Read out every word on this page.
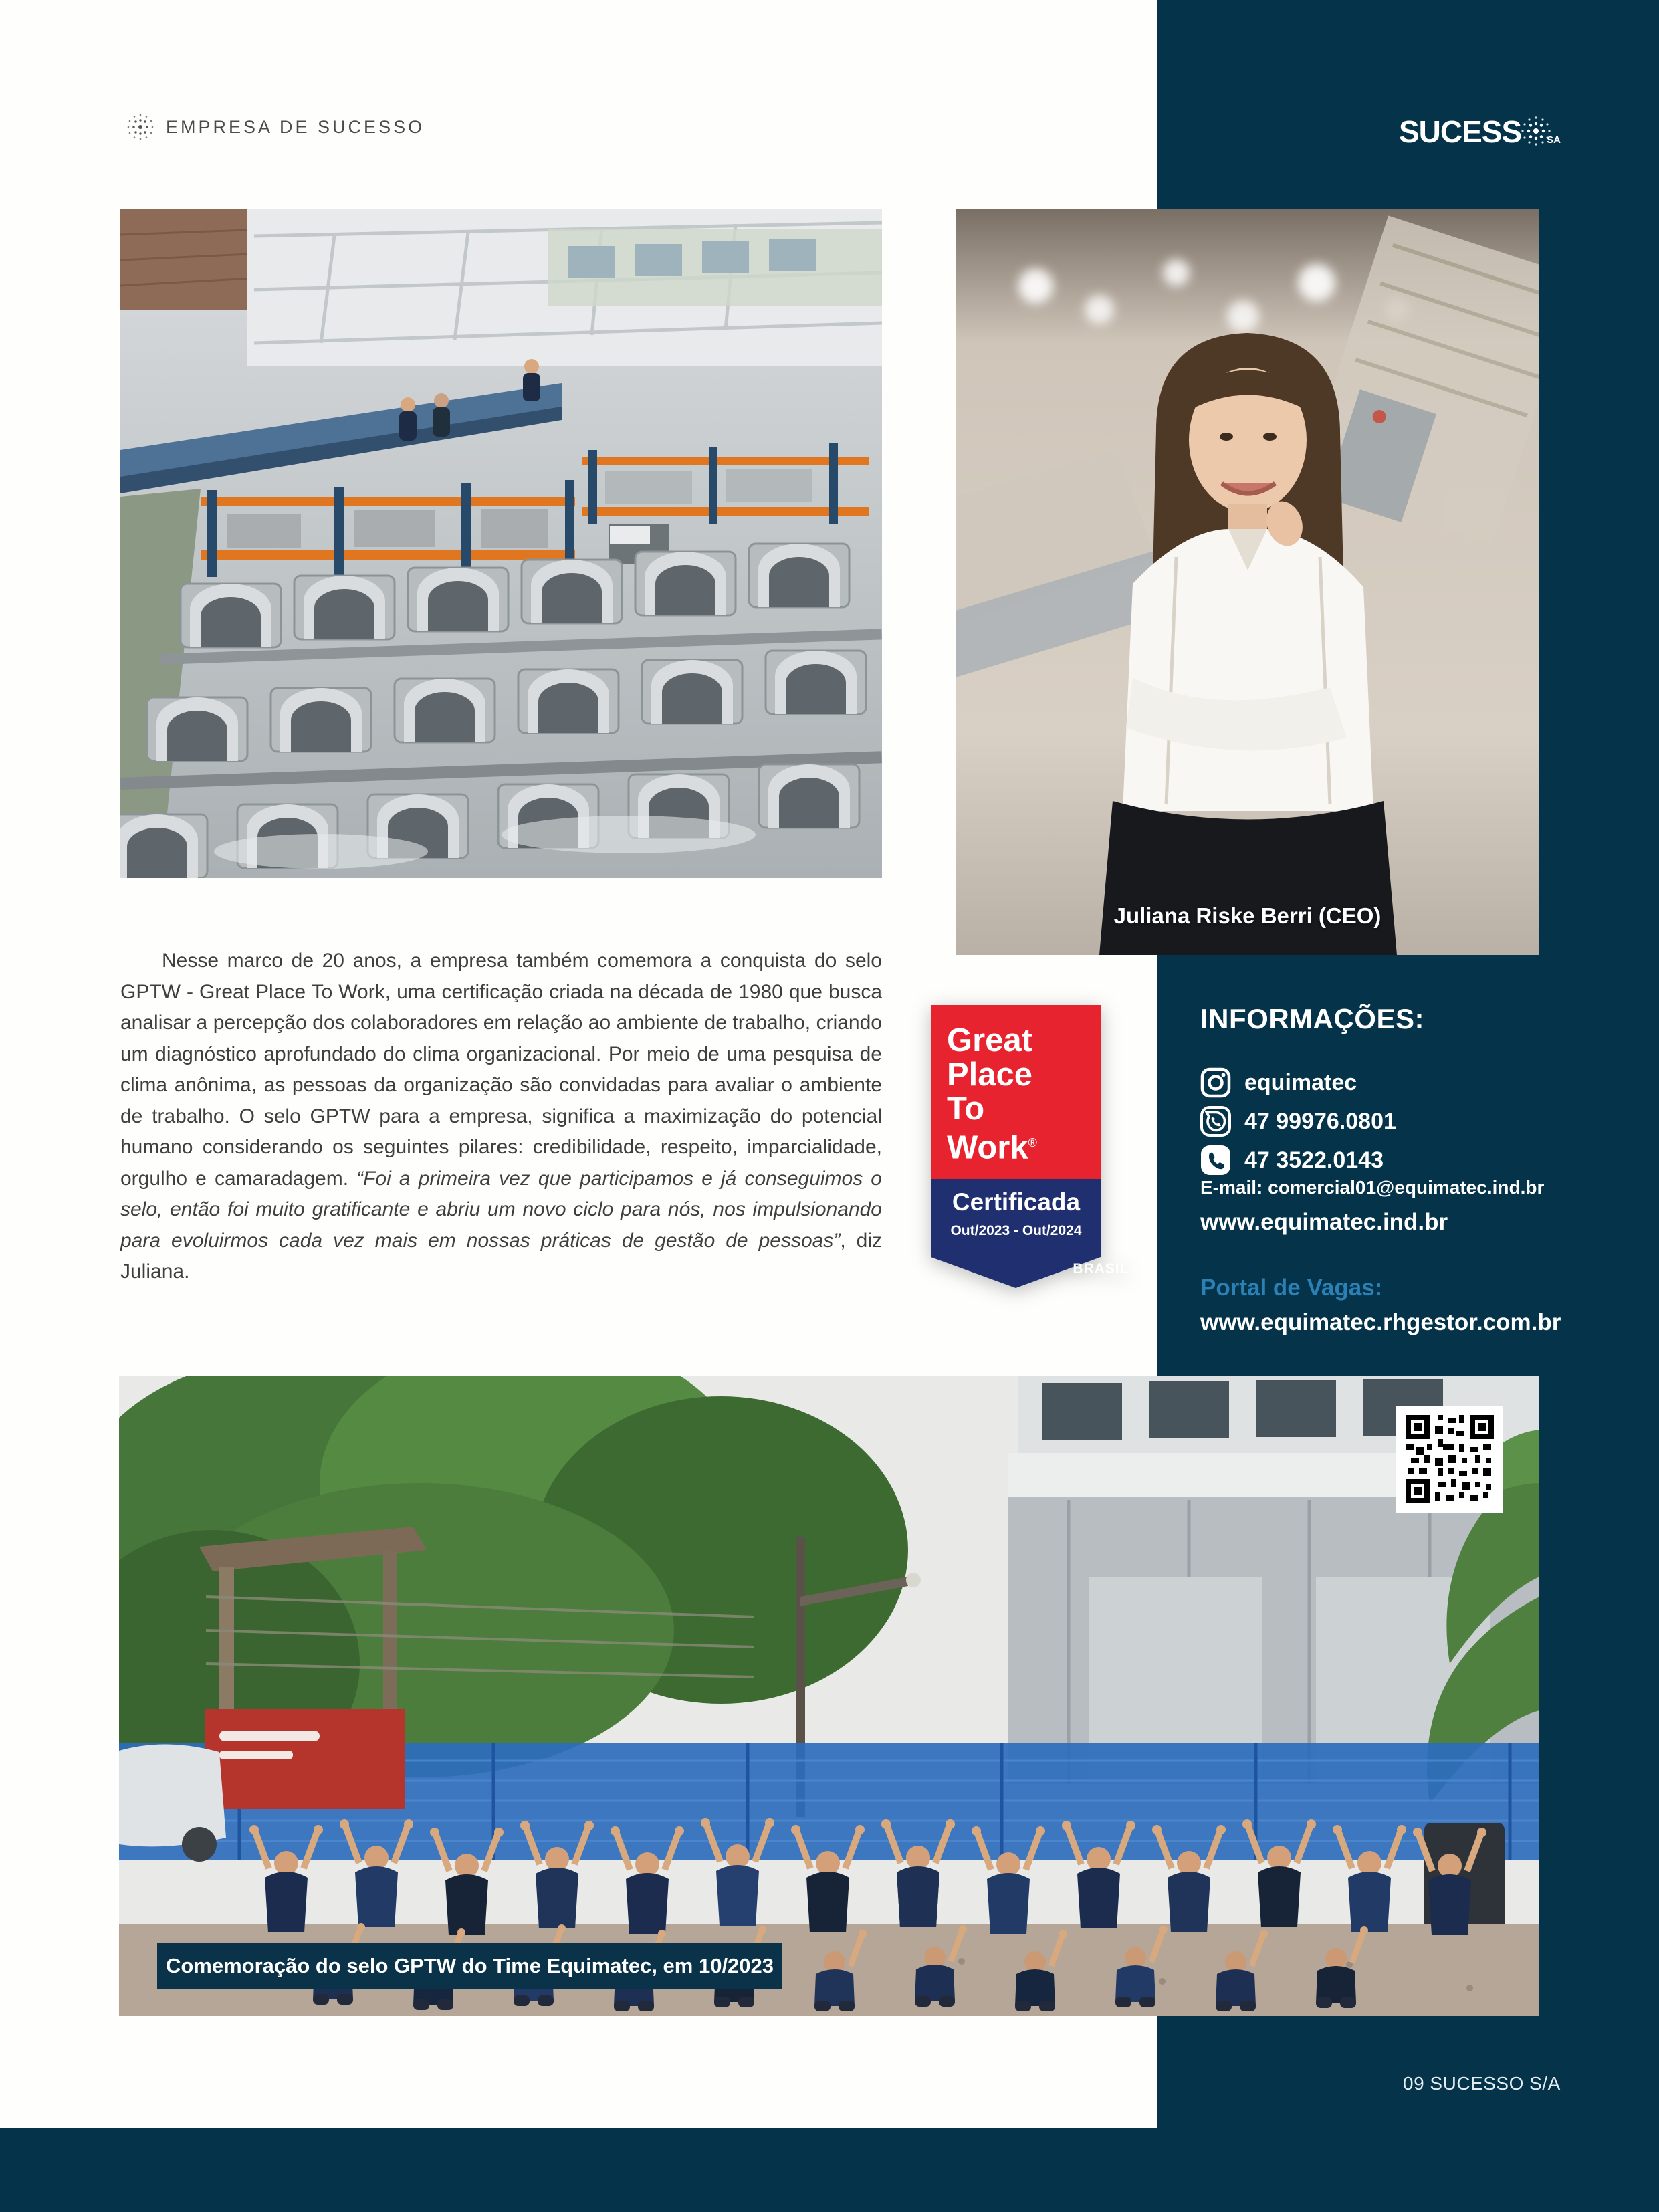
EMPRESA DE SUCESSO	SUCESS	SA
Juliana Riske Berri (CEO)

Nesse marco de 20 anos, a empresa também comemora a conquista do selo GPTW - Great Place To Work, uma certificação criada na década de 1980 que busca analisar a percepção dos colaboradores em relação ao ambiente de trabalho, criando um diagnóstico aprofundado do clima organizacional. Por meio de uma pesquisa de clima anônima, as pessoas da organização são convidadas para avaliar o ambiente de trabalho. O selo GPTW para a empresa, significa a maximização do potencial humano considerando os seguintes pilares: credibilidade, respeito, imparcialidade, orgulho e camaradagem. “Foi a primeira vez que participamos e já conseguimos o selo, então foi muito gratificante e abriu um novo ciclo para nós, nos impulsionando para evoluirmos cada vez mais em nossas práticas de gestão de pessoas”, diz Juliana.

Great
Place
To
Work®
Certificada
Out/2023 - Out/2024
BRASIL
INFORMAÇÕES:
equimatec
47 99976.0801
47 3522.0143
E-mail: comercial01@equimatec.ind.br
www.equimatec.ind.br
Portal de Vagas:
www.equimatec.rhgestor.com.br
Comemoração do selo GPTW do Time Equimatec, em 10/2023
09 SUCESSO S/A
